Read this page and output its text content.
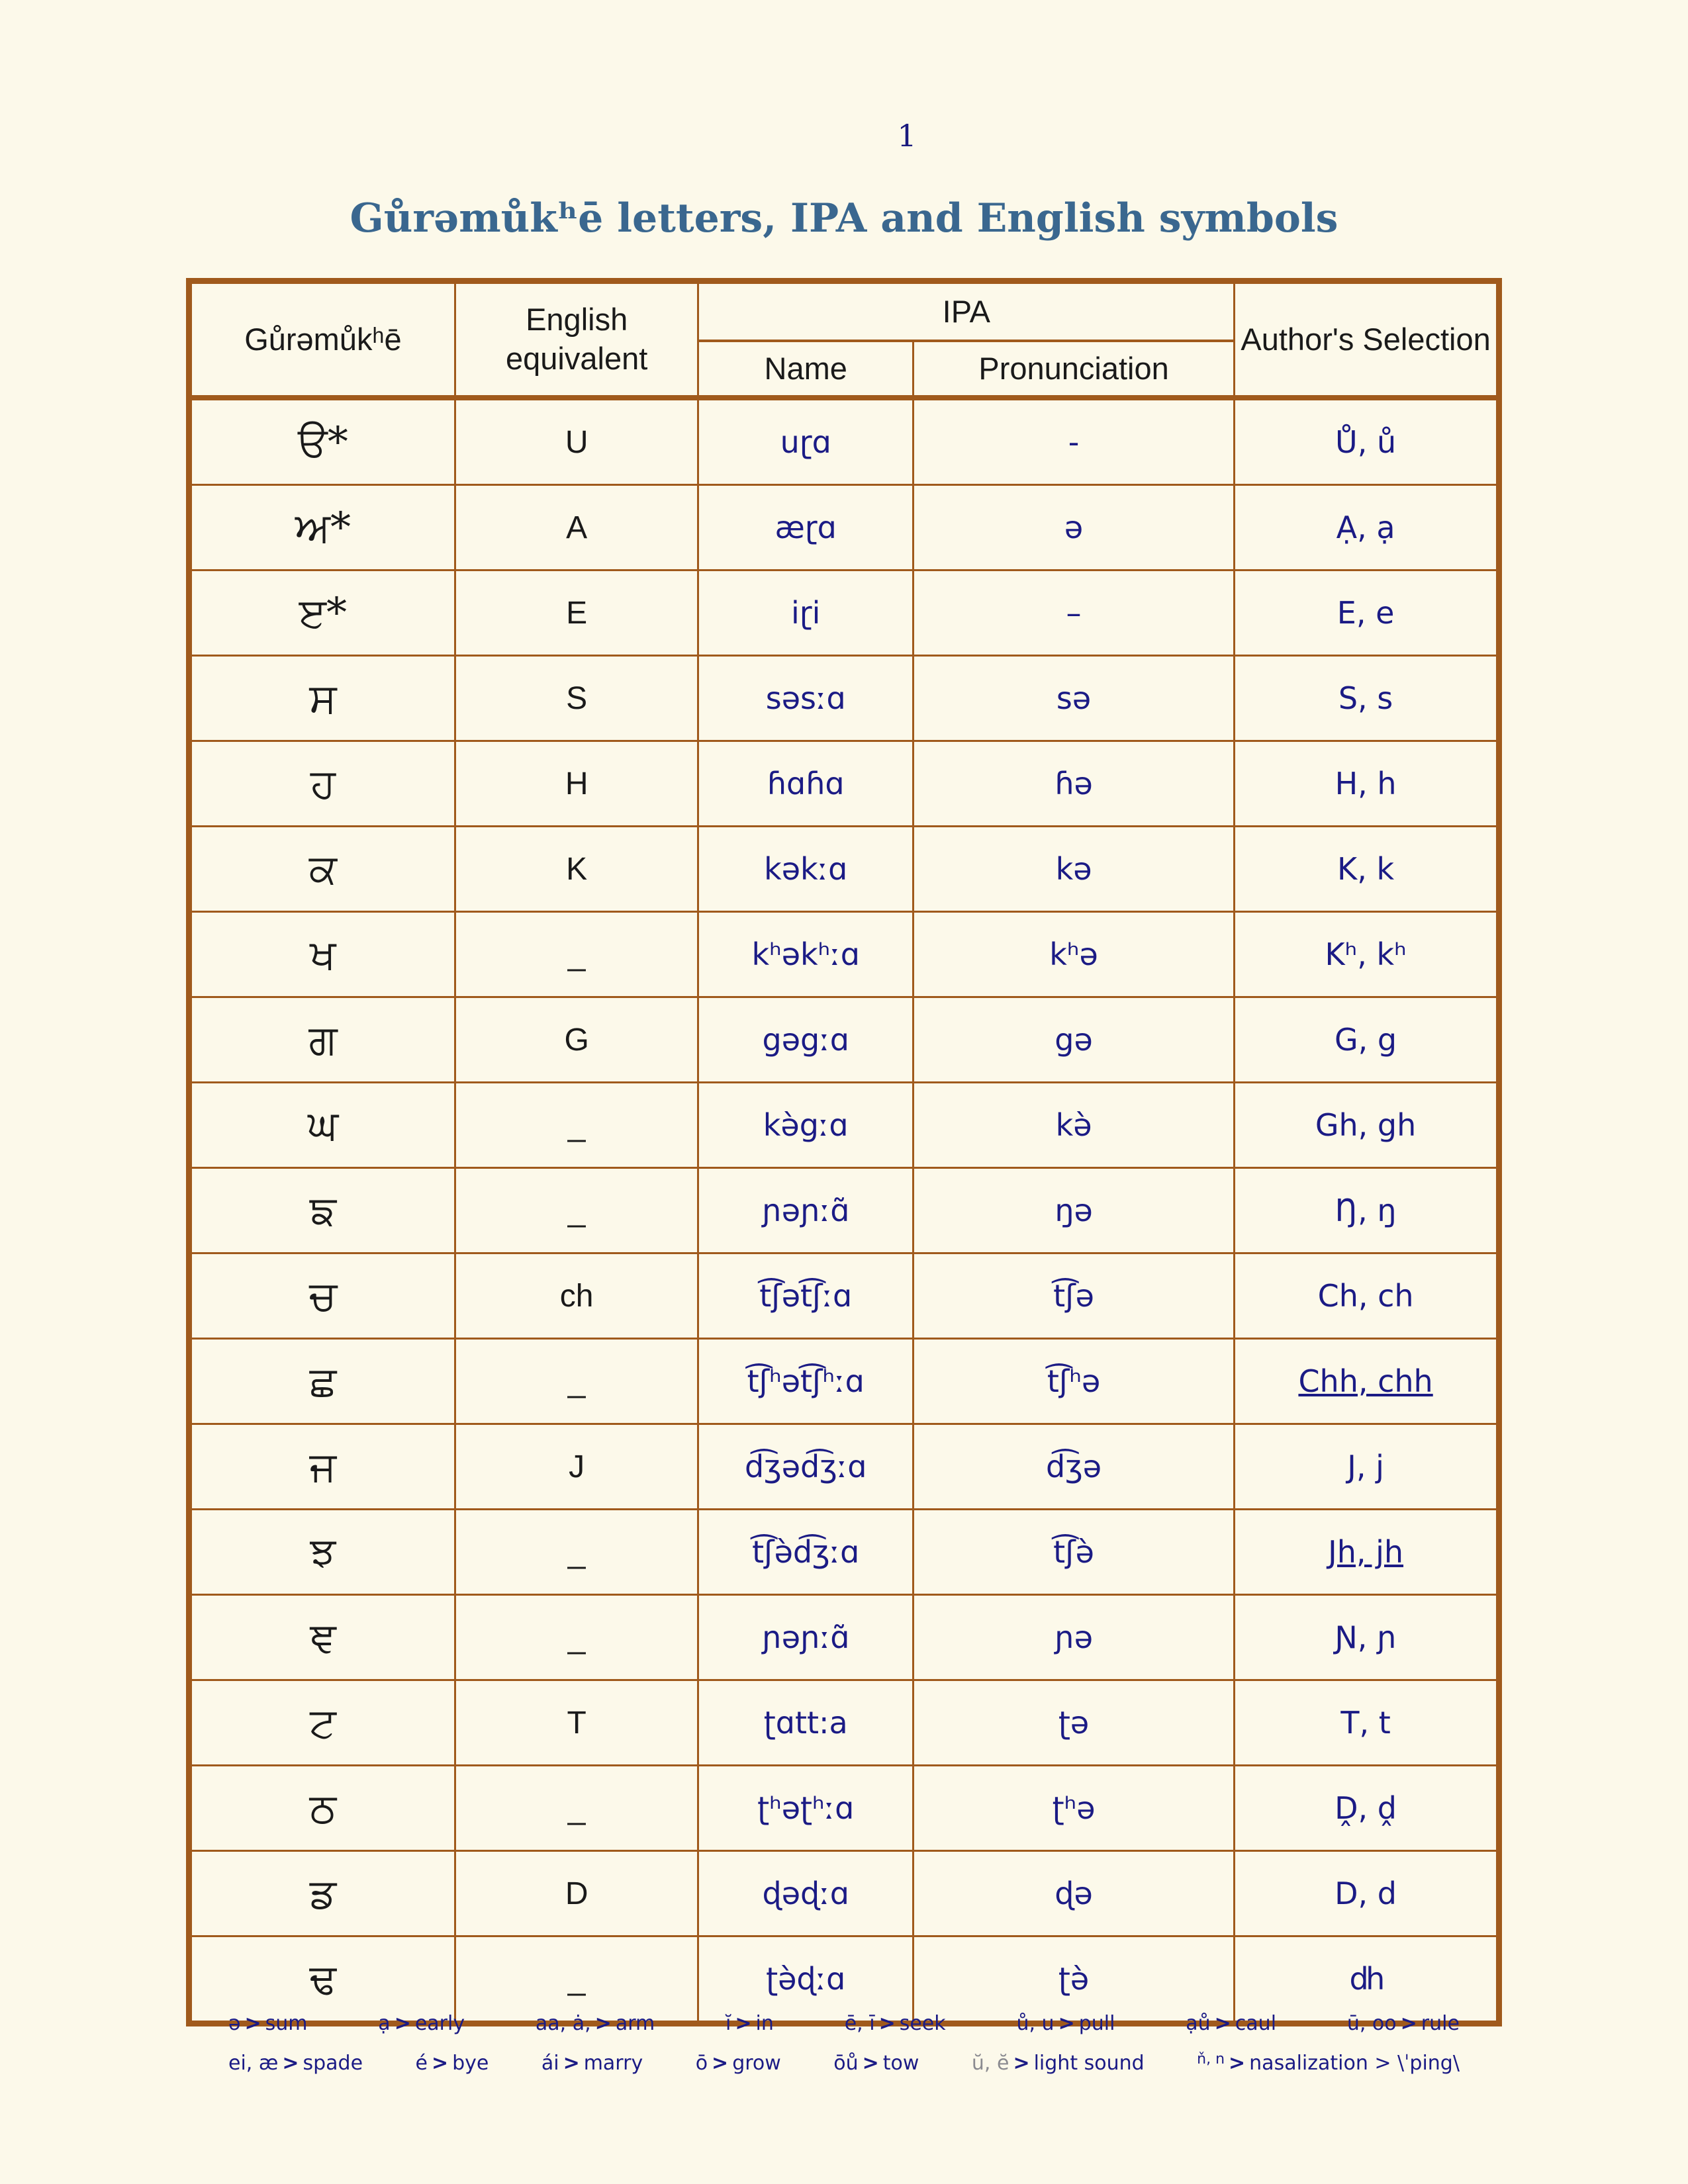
1
Gůrəmůkʰē letters, IPA and English symbols
Gůrəmůkʰē	English equivalent	IPA		Author's Selection
		Name	Pronunciation	
ੳ*	U	uɽɑ	-	Ů, ů
ਅ*	A	æɽɑ	ə	Ạ, ạ
ੲ*	E	iɽi	–	E, e
ਸ	S	səsːɑ	sə	S, s
ਹ	H	ɦɑɦɑ	ɦə	H, h
ਕ	K	kəkːɑ	kə	K, k
ਖ	_	kʰəkʰːɑ	kʰə	Kʰ, kʰ
ਗ	G	gəgːɑ	gə	G, g
ਘ	_	kə̀gːɑ	kə̀	Gh, gh
ਙ	_	ɲəɲːɑ̃	ŋə	Ŋ, ŋ
ਚ	ch	t͡ʃət͡ʃːɑ	t͡ʃə	Ch, ch
ਛ	_	t͡ʃʰət͡ʃʰːɑ	t͡ʃʰə	Chh, chh
ਜ	J	d͡ʒəd͡ʒːɑ	d͡ʒə	J, j
ਝ	_	t͡ʃə̀d͡ʒːɑ	t͡ʃə̀	Jh, jh
ਞ	_	ɲəɲːɑ̃	ɲə	Ɲ, ɲ
ਟ	T	ʈɑtt:a	ʈə	T, t
ਠ	_	ʈʰəʈʰːɑ	ʈʰə	Ḓ, ḓ
ਡ	D	ɖəɖːɑ	ɖə	D, d
ਢ	_	ʈə̀ɖːɑ	ʈə̀	dh
ə > sum	ạ > early	aa, ȧ, > arm	ĭ > in	ē, ī > seek	ů, u > pull	ạů > caul	ū, oo > rule
ei, æ > spade	é > bye	ái > marry	ō > grow	ōů > tow	ŭ, ĕ > light sound	$^{ň, n}$ > nasalization > \ˈping\
